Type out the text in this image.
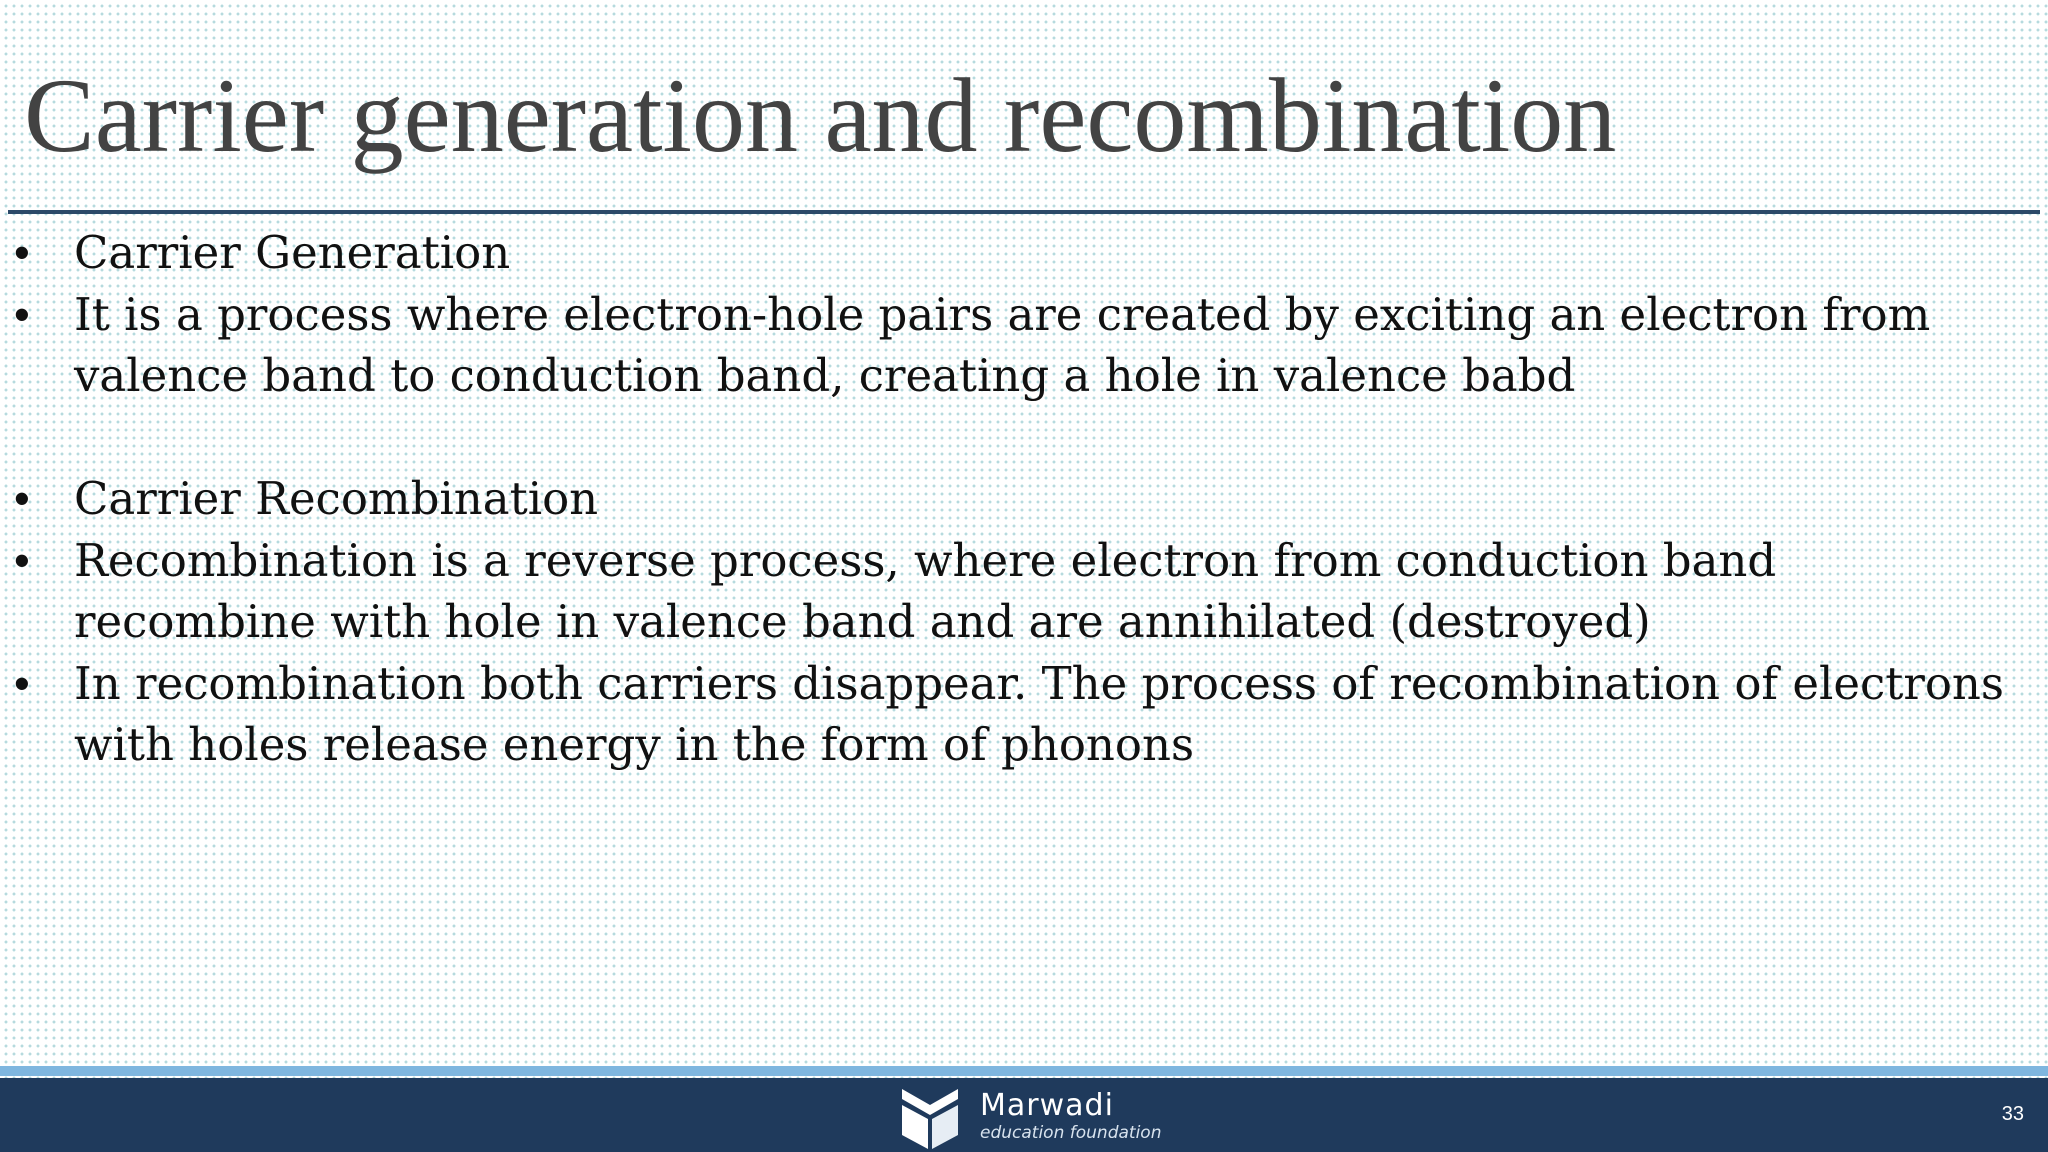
Carrier generation and recombination
• Carrier Generation
• It is a process where electron-hole pairs are created by exciting an electron from valence band to conduction band, creating a hole in valence babd
• Carrier Recombination
• Recombination is a reverse process, where electron from conduction band recombine with hole in valence band and are annihilated (destroyed)
• In recombination both carriers disappear. The process of recombination of electrons with holes release energy in the form of phonons
Marwadi
education foundation
33
